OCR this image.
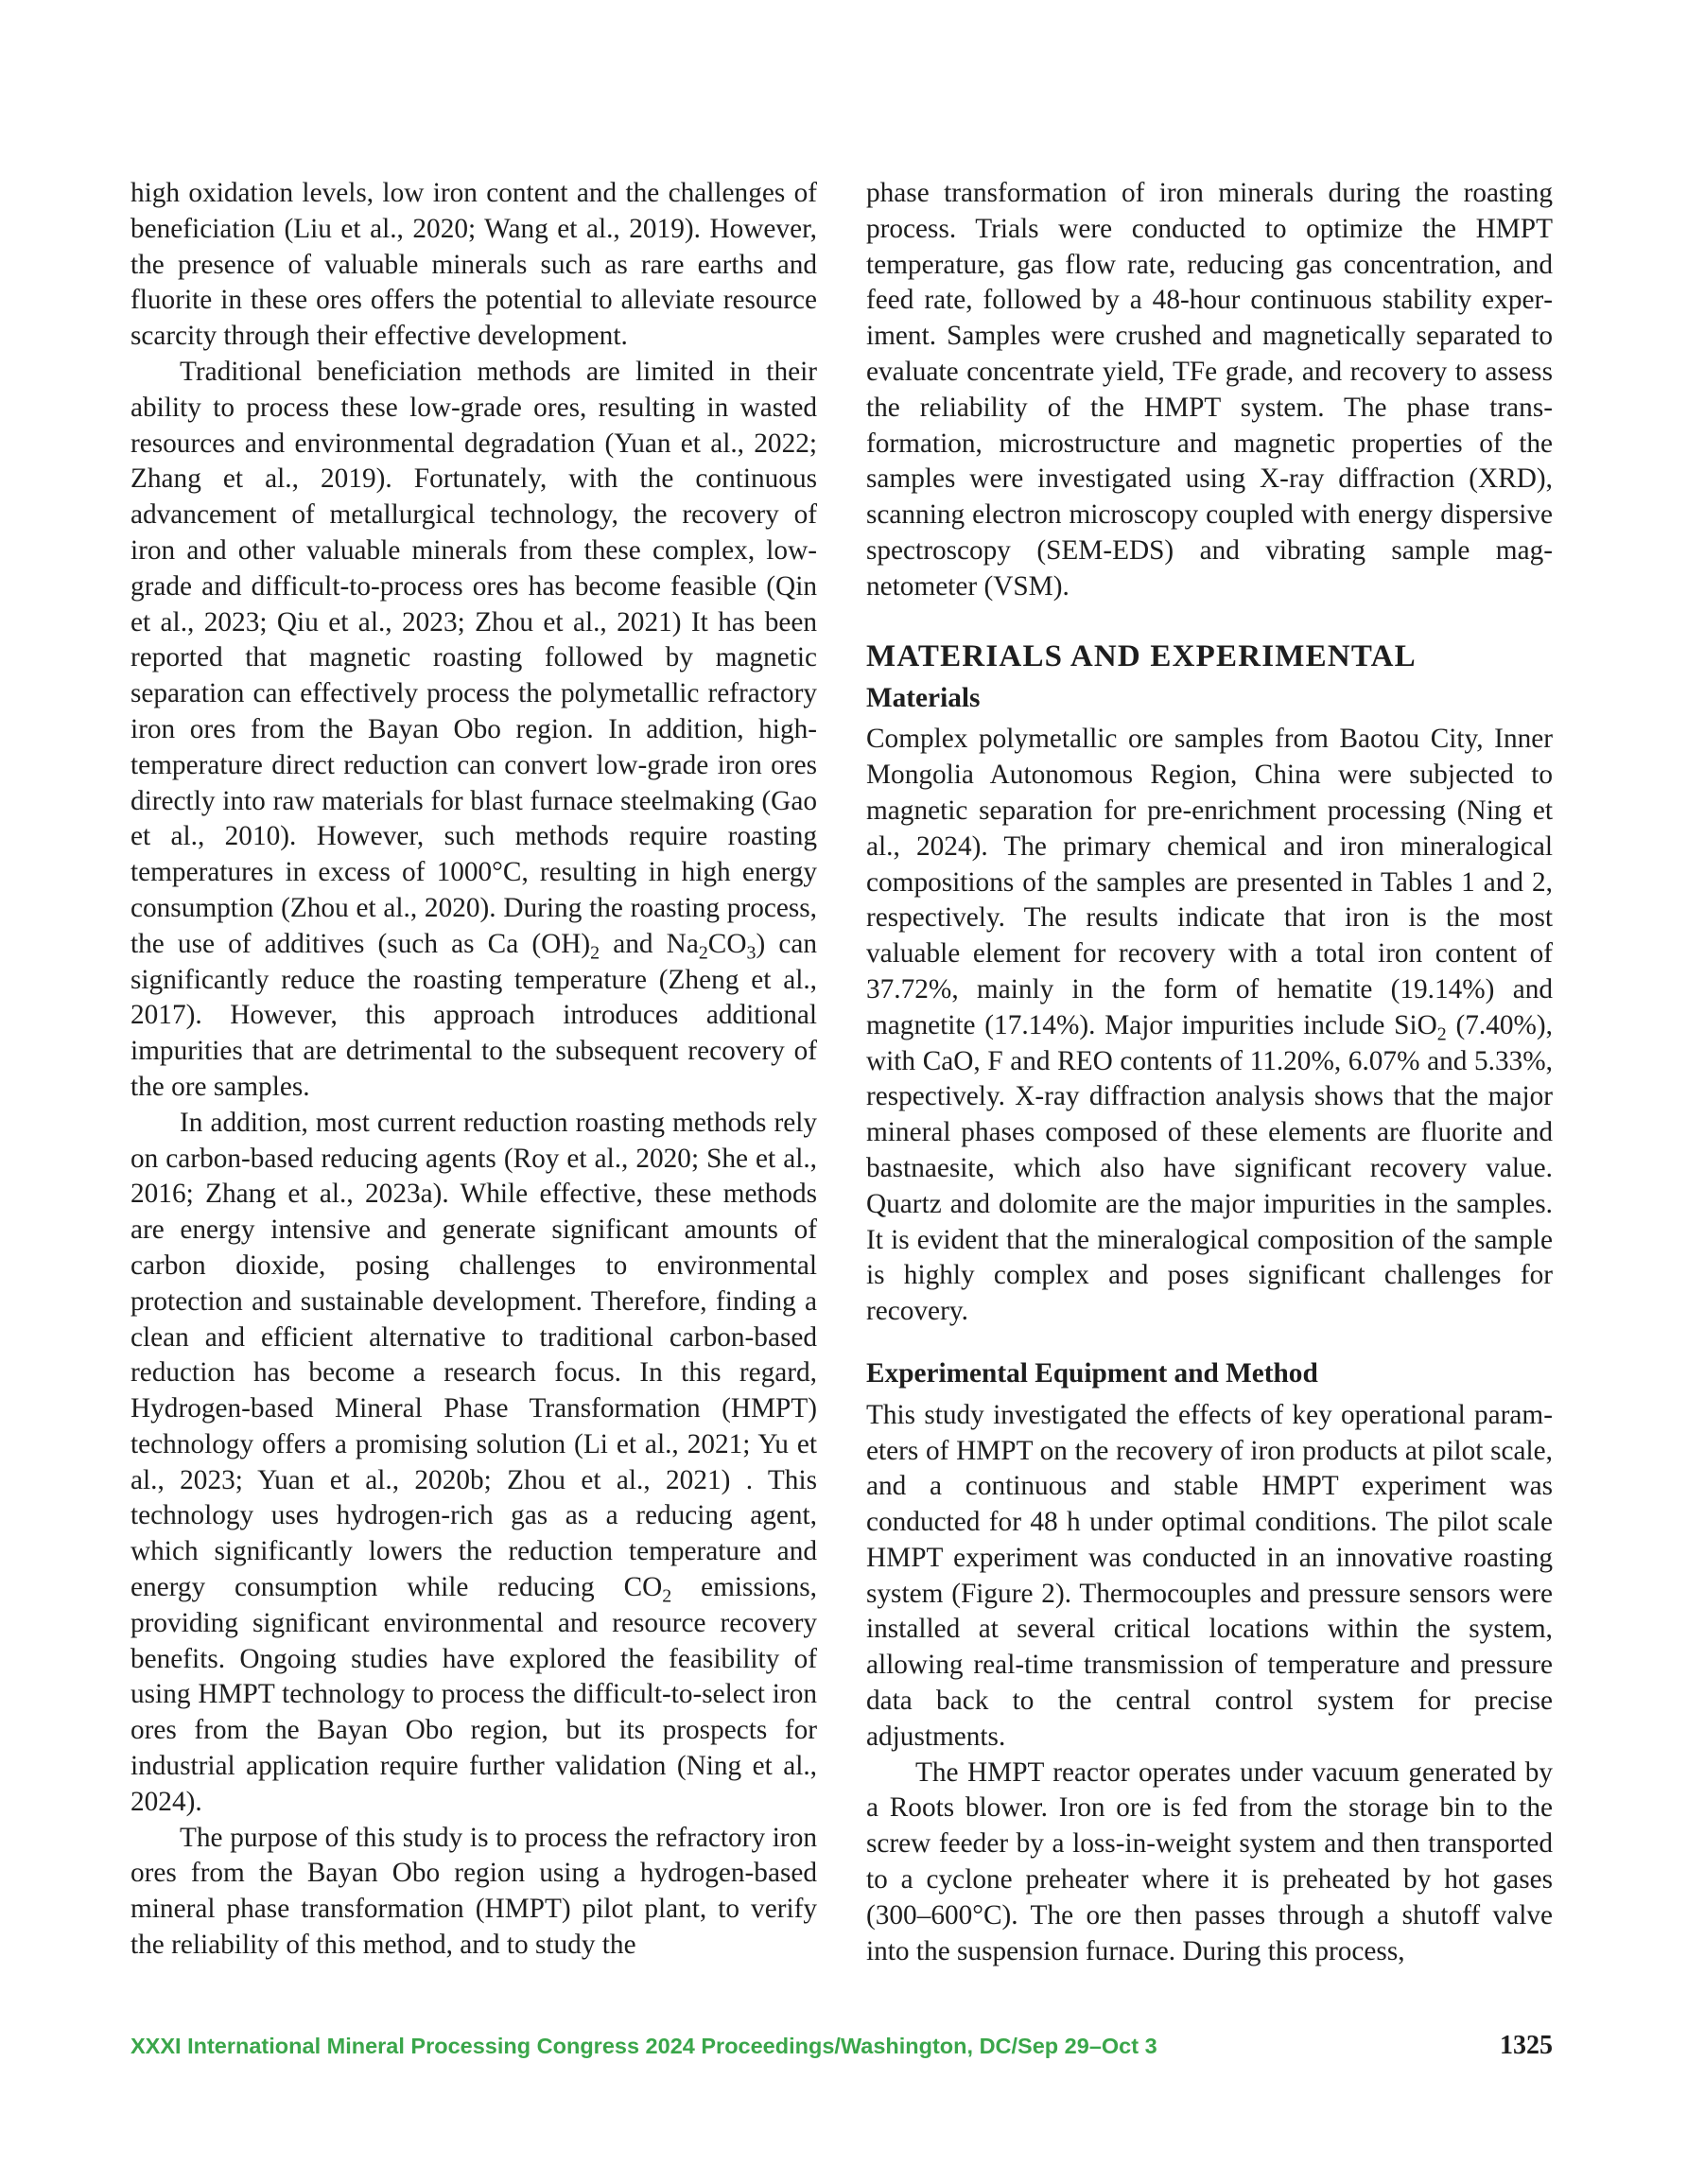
high oxidation levels, low iron content and the challenges of beneficiation (Liu et al., 2020; Wang et al., 2019). However, the presence of valuable minerals such as rare earths and fluorite in these ores offers the potential to alleviate resource scarcity through their effective development.

Traditional beneficiation methods are limited in their ability to process these low-grade ores, resulting in wasted resources and environmental degradation (Yuan et al., 2022; Zhang et al., 2019). Fortunately, with the continuous advancement of metallurgical technology, the recovery of iron and other valuable minerals from these complex, low-grade and difficult-to-process ores has become feasible (Qin et al., 2023; Qiu et al., 2023; Zhou et al., 2021) It has been reported that magnetic roasting followed by magnetic separation can effectively process the polymetallic refractory iron ores from the Bayan Obo region. In addition, high-temperature direct reduction can convert low-grade iron ores directly into raw materials for blast furnace steelmaking (Gao et al., 2010). However, such methods require roasting temperatures in excess of 1000°C, resulting in high energy consumption (Zhou et al., 2020). During the roasting process, the use of additives (such as Ca $(OH)_2$ and $Na_2CO_3$) can significantly reduce the roasting temperature (Zheng et al., 2017). However, this approach introduces additional impurities that are detrimental to the subsequent recovery of the ore samples.

In addition, most current reduction roasting methods rely on carbon-based reducing agents (Roy et al., 2020; She et al., 2016; Zhang et al., 2023a). While effective, these methods are energy intensive and generate significant amounts of carbon dioxide, posing challenges to environmental protection and sustainable development. Therefore, finding a clean and efficient alternative to traditional carbon-based reduction has become a research focus. In this regard, Hydrogen-based Mineral Phase Transformation (HMPT) technology offers a promising solution (Li et al., 2021; Yu et al., 2023; Yuan et al., 2020b; Zhou et al., 2021) . This technology uses hydrogen-rich gas as a reducing agent, which significantly lowers the reduction temperature and energy consumption while reducing $CO_2$ emissions, providing significant environmental and resource recovery benefits. Ongoing studies have explored the feasibility of using HMPT technology to process the difficult-to-select iron ores from the Bayan Obo region, but its prospects for industrial application require further validation (Ning et al., 2024).

The purpose of this study is to process the refractory iron ores from the Bayan Obo region using a hydrogen-based mineral phase transformation (HMPT) pilot plant, to verify the reliability of this method, and to study the

phase transformation of iron minerals during the roasting process. Trials were conducted to optimize the HMPT temperature, gas flow rate, reducing gas concentration, and feed rate, followed by a 48-hour continuous stability experiment. Samples were crushed and magnetically separated to evaluate concentrate yield, TFe grade, and recovery to assess the reliability of the HMPT system. The phase transformation, microstructure and magnetic properties of the samples were investigated using X-ray diffraction (XRD), scanning electron microscopy coupled with energy dispersive spectroscopy (SEM-EDS) and vibrating sample magnetometer (VSM).

MATERIALS AND EXPERIMENTAL
Materials

Complex polymetallic ore samples from Baotou City, Inner Mongolia Autonomous Region, China were subjected to magnetic separation for pre-enrichment processing (Ning et al., 2024). The primary chemical and iron mineralogical compositions of the samples are presented in Tables 1 and 2, respectively. The results indicate that iron is the most valuable element for recovery with a total iron content of 37.72%, mainly in the form of hematite (19.14%) and magnetite (17.14%). Major impurities include SiO$_2$ (7.40%), with CaO, F and REO contents of 11.20%, 6.07% and 5.33%, respectively. X-ray diffraction analysis shows that the major mineral phases composed of these elements are fluorite and bastnaesite, which also have significant recovery value. Quartz and dolomite are the major impurities in the samples. It is evident that the mineralogical composition of the sample is highly complex and poses significant challenges for recovery.

Experimental Equipment and Method

This study investigated the effects of key operational parameters of HMPT on the recovery of iron products at pilot scale, and a continuous and stable HMPT experiment was conducted for 48 h under optimal conditions. The pilot scale HMPT experiment was conducted in an innovative roasting system (Figure 2). Thermocouples and pressure sensors were installed at several critical locations within the system, allowing real-time transmission of temperature and pressure data back to the central control system for precise adjustments.

The HMPT reactor operates under vacuum generated by a Roots blower. Iron ore is fed from the storage bin to the screw feeder by a loss-in-weight system and then transported to a cyclone preheater where it is preheated by hot gases (300–600°C). The ore then passes through a shutoff valve into the suspension furnace. During this process,

XXXI International Mineral Processing Congress 2024 Proceedings/Washington, DC/Sep 29–Oct 3	1325
